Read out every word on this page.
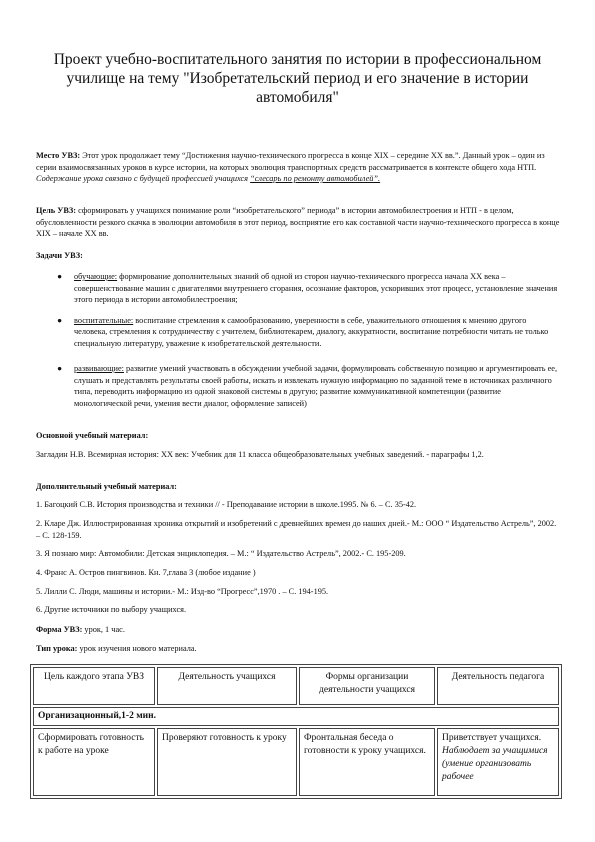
Проект учебно-воспитательного занятия по истории в профессиональном училище на тему "Изобретательский период и его значение в истории автомобиля"
Место УВЗ: Этот урок продолжает тему “Достижения научно-технического прогресса в конце XIX – середине XX вв.”. Данный урок – один из серии взаимосвязанных уроков в курсе истории, на которых эволюция транспортных средств рассматривается в контексте общего хода НТП. Содержание урока связано с будущей профессией учащихся “слесарь по ремонту автомобилей”.
Цель УВЗ: сформировать у учащихся понимание роли “изобретательского” периода” в истории автомобилестроения и НТП - в целом, обусловленности резкого скачка в эволюции автомобиля в этот период, восприятие его как составной части научно-технического прогресса в конце XIX – начале XX вв.
Задачи УВЗ:
● обучающие: формирование дополнительных знаний об одной из сторон научно-технического прогресса начала XX века – совершенствование машин с двигателями внутреннего сгорания, осознание факторов, ускоривших этот процесс, установление значения этого периода в истории автомобилестроения;
● воспитательные: воспитание стремления к самообразованию, уверенности в себе, уважительного отношения к мнению другого человека, стремления к сотрудничеству с учителем, библиотекарем, диалогу, аккуратности, воспитание потребности читать не только специальную литературу, уважение к изобретательской деятельности.
● развивающие: развитие умений участвовать в обсуждении учебной задачи, формулировать собственную позицию и аргументировать ее, слушать и представлять результаты своей работы, искать и извлекать нужную информацию по заданной теме в источниках различного типа, переводить информацию из одной знаковой системы в другую; развитие коммуникативной компетенции (развитие монологической речи, умения вести диалог, оформление записей)
Основной учебный материал:
Загладин Н.В. Всемирная история: XX век: Учебник для 11 класса общеобразовательных учебных заведений. - параграфы 1,2.
Дополнительный учебный материал:
1. Багоцкий С.В. История производства и техники // - Преподавание истории в школе.1995. № 6. – С. 35-42.
2. Кларе Дж. Иллюстрированная хроника открытий и изобретений с древнейших времен до наших дней.- М.: ООО “ Издательство Астрель”, 2002. – С. 128-159.
3. Я познаю мир: Автомобили: Детская энциклопедия. – М.: “ Издательство Астрель”, 2002.- С. 195-209.
4. Франс А. Остров пингвинов. Кн. 7,глава 3 (любое издание )
5. Лилли С. Люди, машины и истории.- М.: Изд-во “Прогресс”,1970 . – С. 194-195.
6. Другие источники по выбору учащихся.
Форма УВЗ: урок, 1 час.
Тип урока: урок изучения нового материала.
Цель каждого этапа УВЗ	Деятельность учащихся	Формы организации деятельности учащихся	Деятельность педагога
Организационный,1-2 мин.			
Сформировать готовность к работе на уроке	Проверяют готовность к уроку	Фронтальная беседа о готовности к уроку учащихся.	Приветствует учащихся. Наблюдает за учащимися (умение организовать рабочее
